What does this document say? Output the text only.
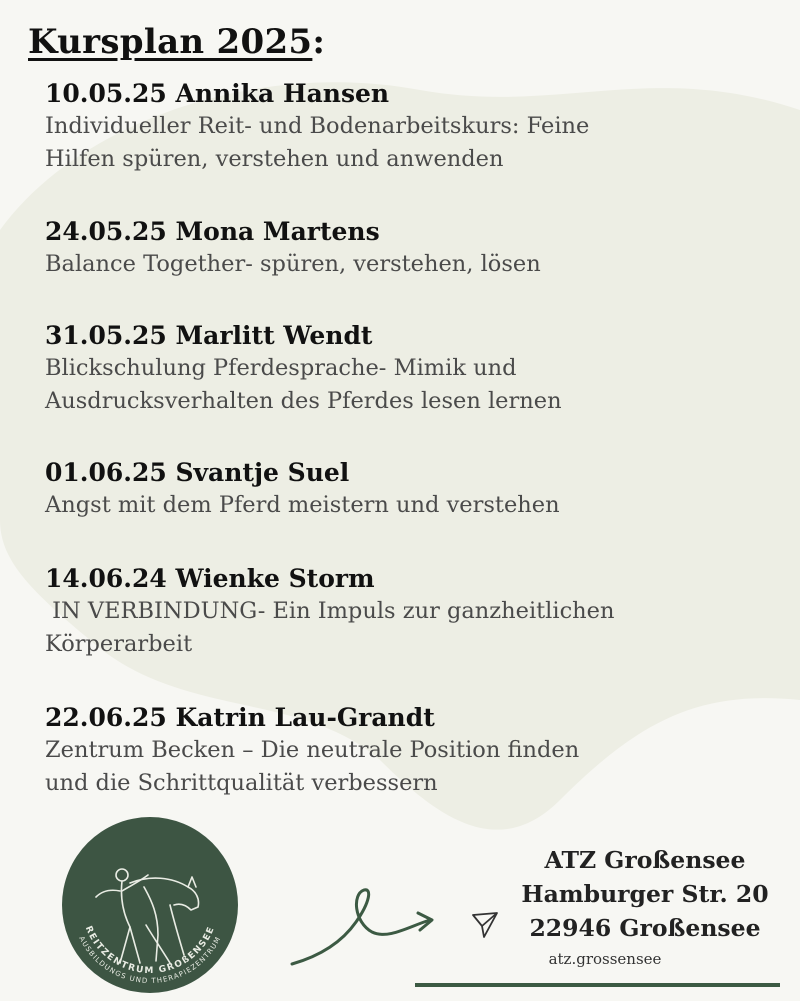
Kursplan 2025:
10.05.25 Annika Hansen
Individueller Reit- und Bodenarbeitskurs: Feine
Hilfen spüren, verstehen und anwenden
24.05.25 Mona Martens
Balance Together- spüren, verstehen, lösen
31.05.25 Marlitt Wendt
Blickschulung Pferdesprache- Mimik und
Ausdrucksverhalten des Pferdes lesen lernen
01.06.25 Svantje Suel
Angst mit dem Pferd meistern und verstehen
14.06.24 Wienke Storm
IN VERBINDUNG- Ein Impuls zur ganzheitlichen
Körperarbeit
22.06.25 Katrin Lau-Grandt
Zentrum Becken – Die neutrale Position finden
und die Schrittqualität verbessern
REITZENTRUM GROßENSEE
AUSBILDUNGS UND THERAPIEZENTRUM
ATZ Großensee
Hamburger Str. 20
22946 Großensee
atz.grossensee
